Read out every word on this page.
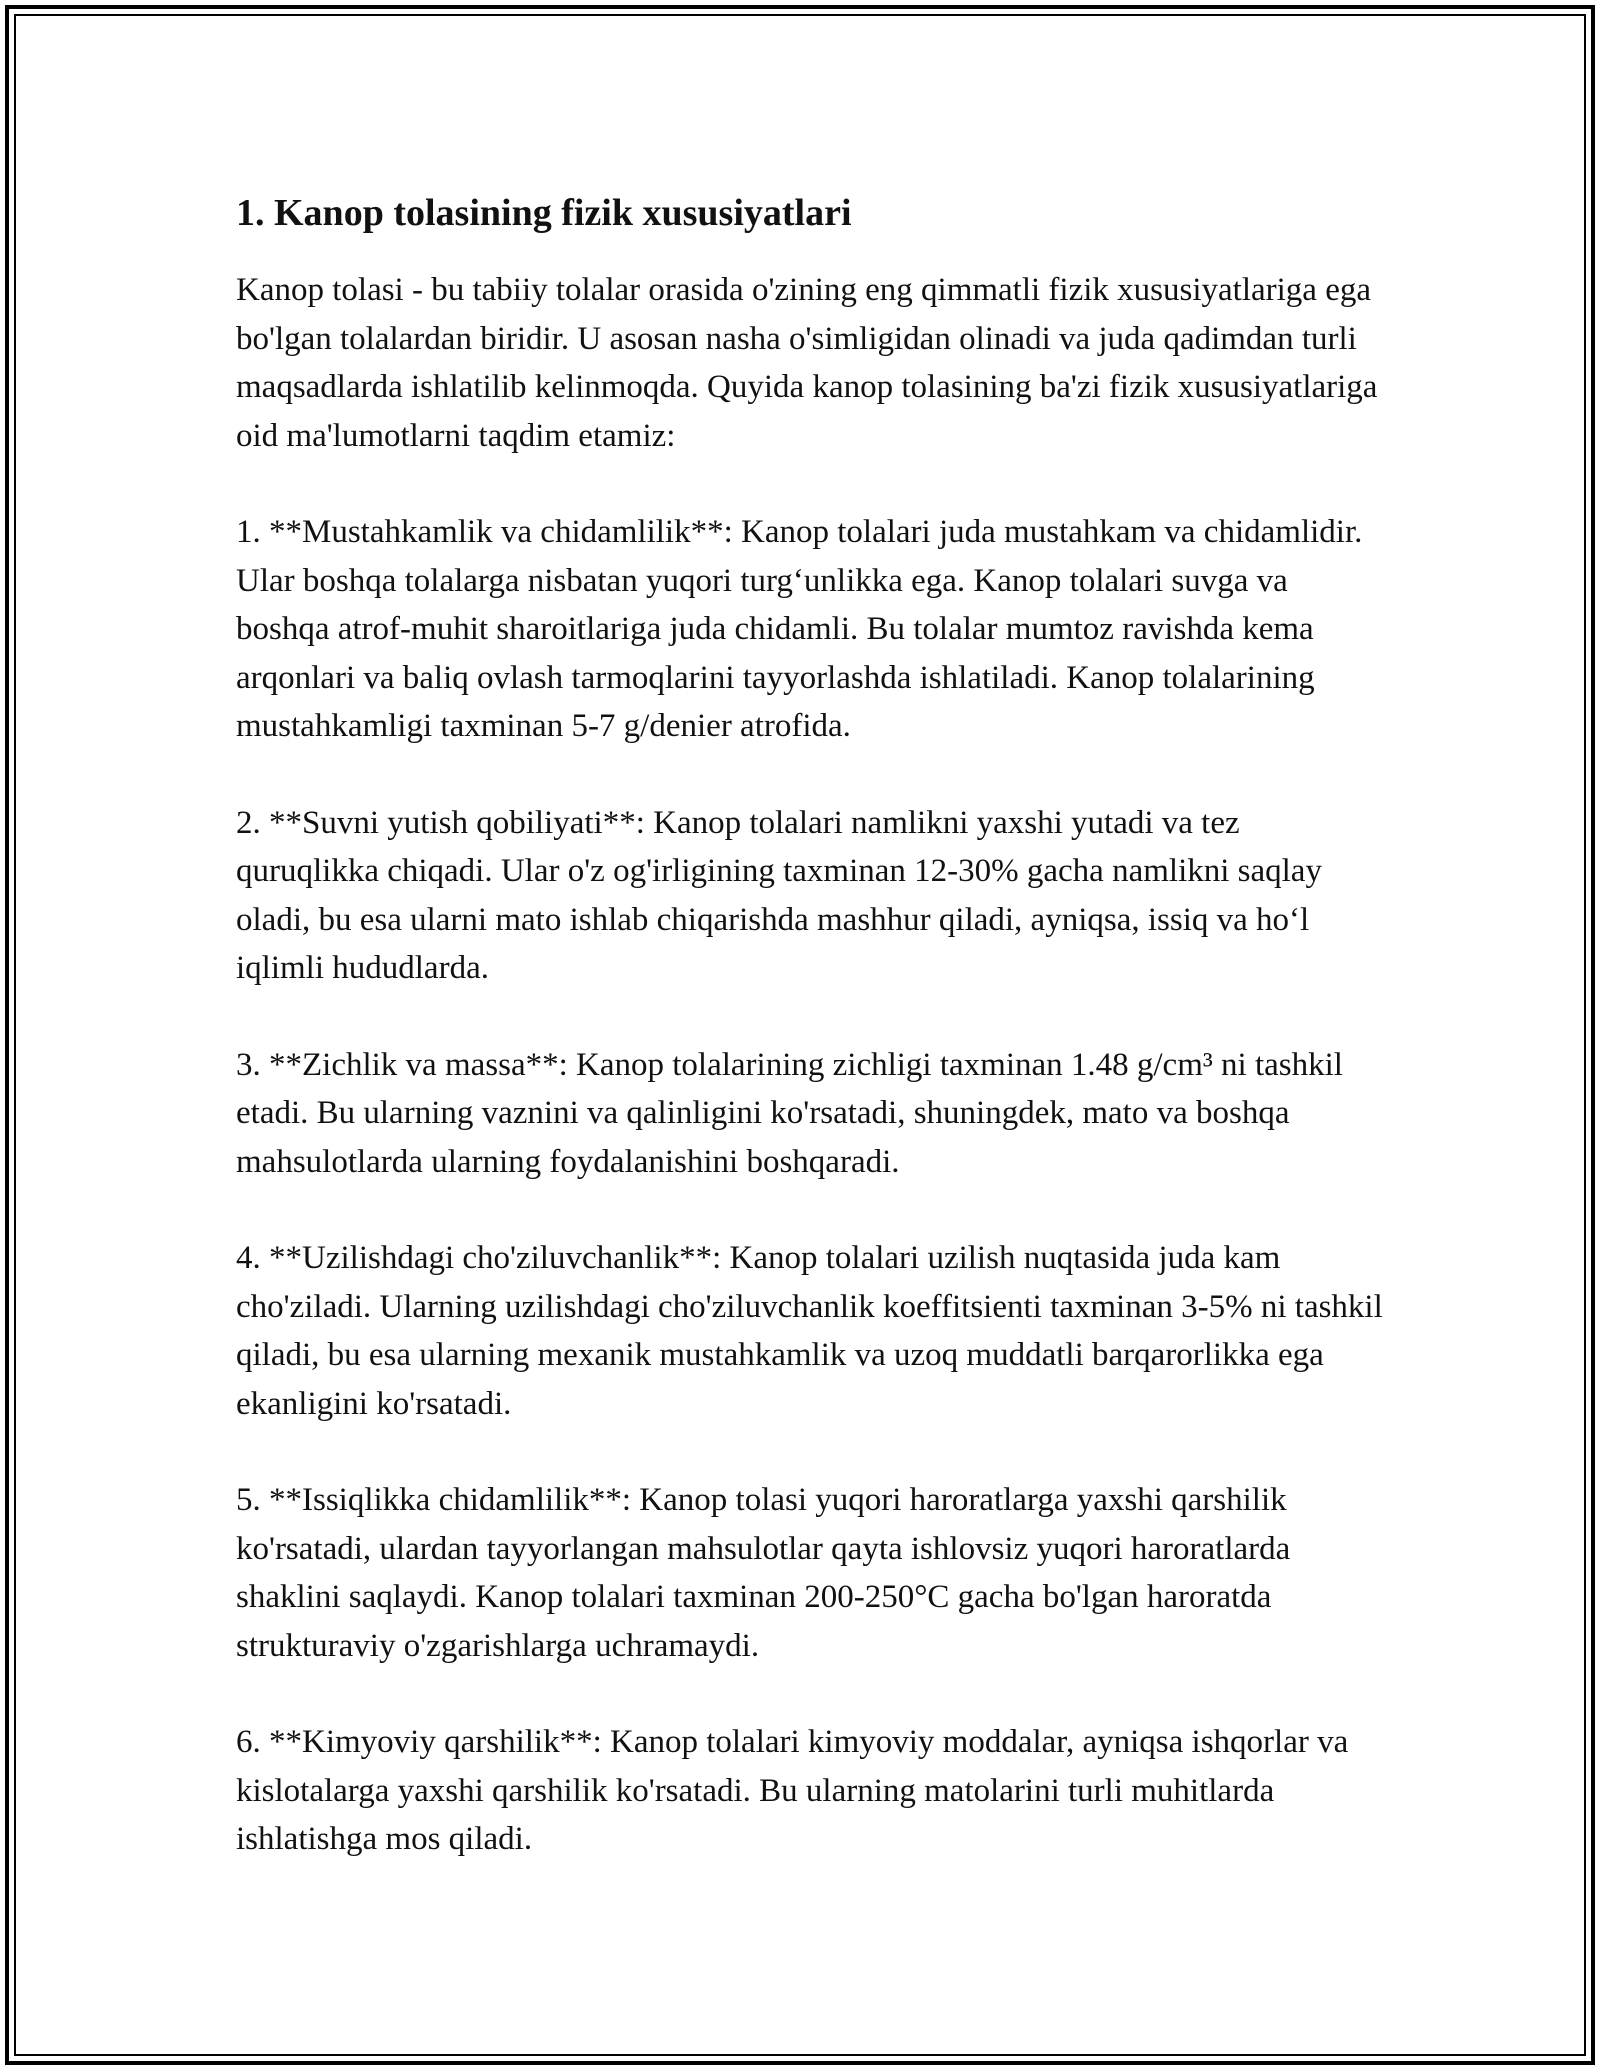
1. Kanop tolasining fizik xususiyatlari

Kanop tolasi - bu tabiiy tolalar orasida o'zining eng qimmatli fizik xususiyatlariga ega bo'lgan tolalardan biridir. U asosan nasha o'simligidan olinadi va juda qadimdan turli maqsadlarda ishlatilib kelinmoqda. Quyida kanop tolasining ba'zi fizik xususiyatlariga oid ma'lumotlarni taqdim etamiz:

1. **Mustahkamlik va chidamlilik**: Kanop tolalari juda mustahkam va chidamlidir. Ular boshqa tolalarga nisbatan yuqori turg‘unlikka ega. Kanop tolalari suvga va boshqa atrof-muhit sharoitlariga juda chidamli. Bu tolalar mumtoz ravishda kema arqonlari va baliq ovlash tarmoqlarini tayyorlashda ishlatiladi. Kanop tolalarining mustahkamligi taxminan 5-7 g/denier atrofida.

2. **Suvni yutish qobiliyati**: Kanop tolalari namlikni yaxshi yutadi va tez quruqlikka chiqadi. Ular o'z og'irligining taxminan 12-30% gacha namlikni saqlay oladi, bu esa ularni mato ishlab chiqarishda mashhur qiladi, ayniqsa, issiq va ho‘l iqlimli hududlarda.

3. **Zichlik va massa**: Kanop tolalarining zichligi taxminan 1.48 g/cm³ ni tashkil etadi. Bu ularning vaznini va qalinligini ko'rsatadi, shuningdek, mato va boshqa mahsulotlarda ularning foydalanishini boshqaradi.

4. **Uzilishdagi cho'ziluvchanlik**: Kanop tolalari uzilish nuqtasida juda kam cho'ziladi. Ularning uzilishdagi cho'ziluvchanlik koeffitsienti taxminan 3-5% ni tashkil qiladi, bu esa ularning mexanik mustahkamlik va uzoq muddatli barqarorlikka ega ekanligini ko'rsatadi.

5. **Issiqlikka chidamlilik**: Kanop tolasi yuqori haroratlarga yaxshi qarshilik ko'rsatadi, ulardan tayyorlangan mahsulotlar qayta ishlovsiz yuqori haroratlarda shaklini saqlaydi. Kanop tolalari taxminan 200-250°C gacha bo'lgan haroratda strukturaviy o'zgarishlarga uchramaydi.

6. **Kimyoviy qarshilik**: Kanop tolalari kimyoviy moddalar, ayniqsa ishqorlar va kislotalarga yaxshi qarshilik ko'rsatadi. Bu ularning matolarini turli muhitlarda ishlatishga mos qiladi.
